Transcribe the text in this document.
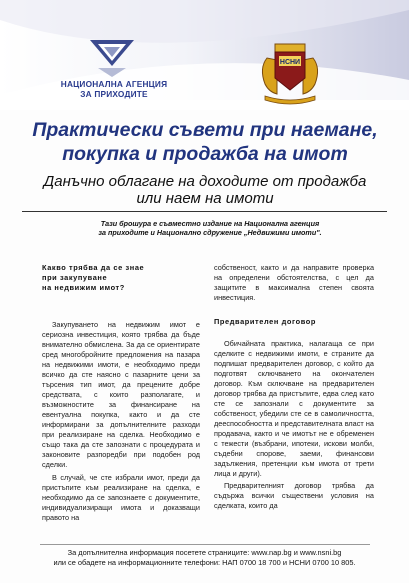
НАЦИОНАЛНА АГЕНЦИЯ
ЗА ПРИХОДИТЕ
НСНИ
Практически съвети при наемане,
покупка и продажба на имот
Данъчно облагане на доходите от продажба
или наем на имоти
Тази брошура е съвместно издание на Национална агенция
за приходите и Национално сдружение „Недвижими имоти".
Какво трябва да се знае
при закупуване
на недвижим имот?

Закупуването на недвижим имот е сериозна инвестиция, която трябва да бъде внимателно обмислена. За да се ориентирате сред многобройните предложения на пазара на недвижими имоти, е необходимо преди всичко да сте наясно с пазарните цени за търсения тип имот, да прецените добре средствата, с които разполагате, и възможностите за финансиране на евентуална покупка, както и да сте информирани за допълнителните разходи при реализиране на сделка. Необходимо е също така да сте запознати с процедурата и законовите разпоредби при подобен род сделки.

В случай, че сте избрали имот, преди да пристъпите към реализиране на сделка, е необходимо да се запознаете с документите, индивидуализиращи имота и доказващи правото на

собственост, както и да направите проверка на определени обстоятелства, с цел да защитите в максимална степен своята инвестиция.

Предварителен договор

Обичайната практика, налагаща се при сделките с недвижими имоти, е страните да подпишат предварителен договор, с който да подготвят сключването на окончателен договор. Към сключване на предварителен договор трябва да пристъпите, едва след като сте се запознали с документите за собственост, убедили сте се в самоличността, дееспособността и представителната власт на продавача, както и че имотът не е обременен с тежести (възбрани, ипотеки, искови молби, съдебни спорове, заеми, финансови задължения, претенции към имота от трети лица и други).

Предварителният договор трябва да съдържа всички съществени условия на сделката, които да

За допълнителна информация посетете страниците: www.nap.bg и www.nsni.bg
или се обадете на информационните телефони: НАП 0700 18 700 и НСНИ 0700 10 805.
